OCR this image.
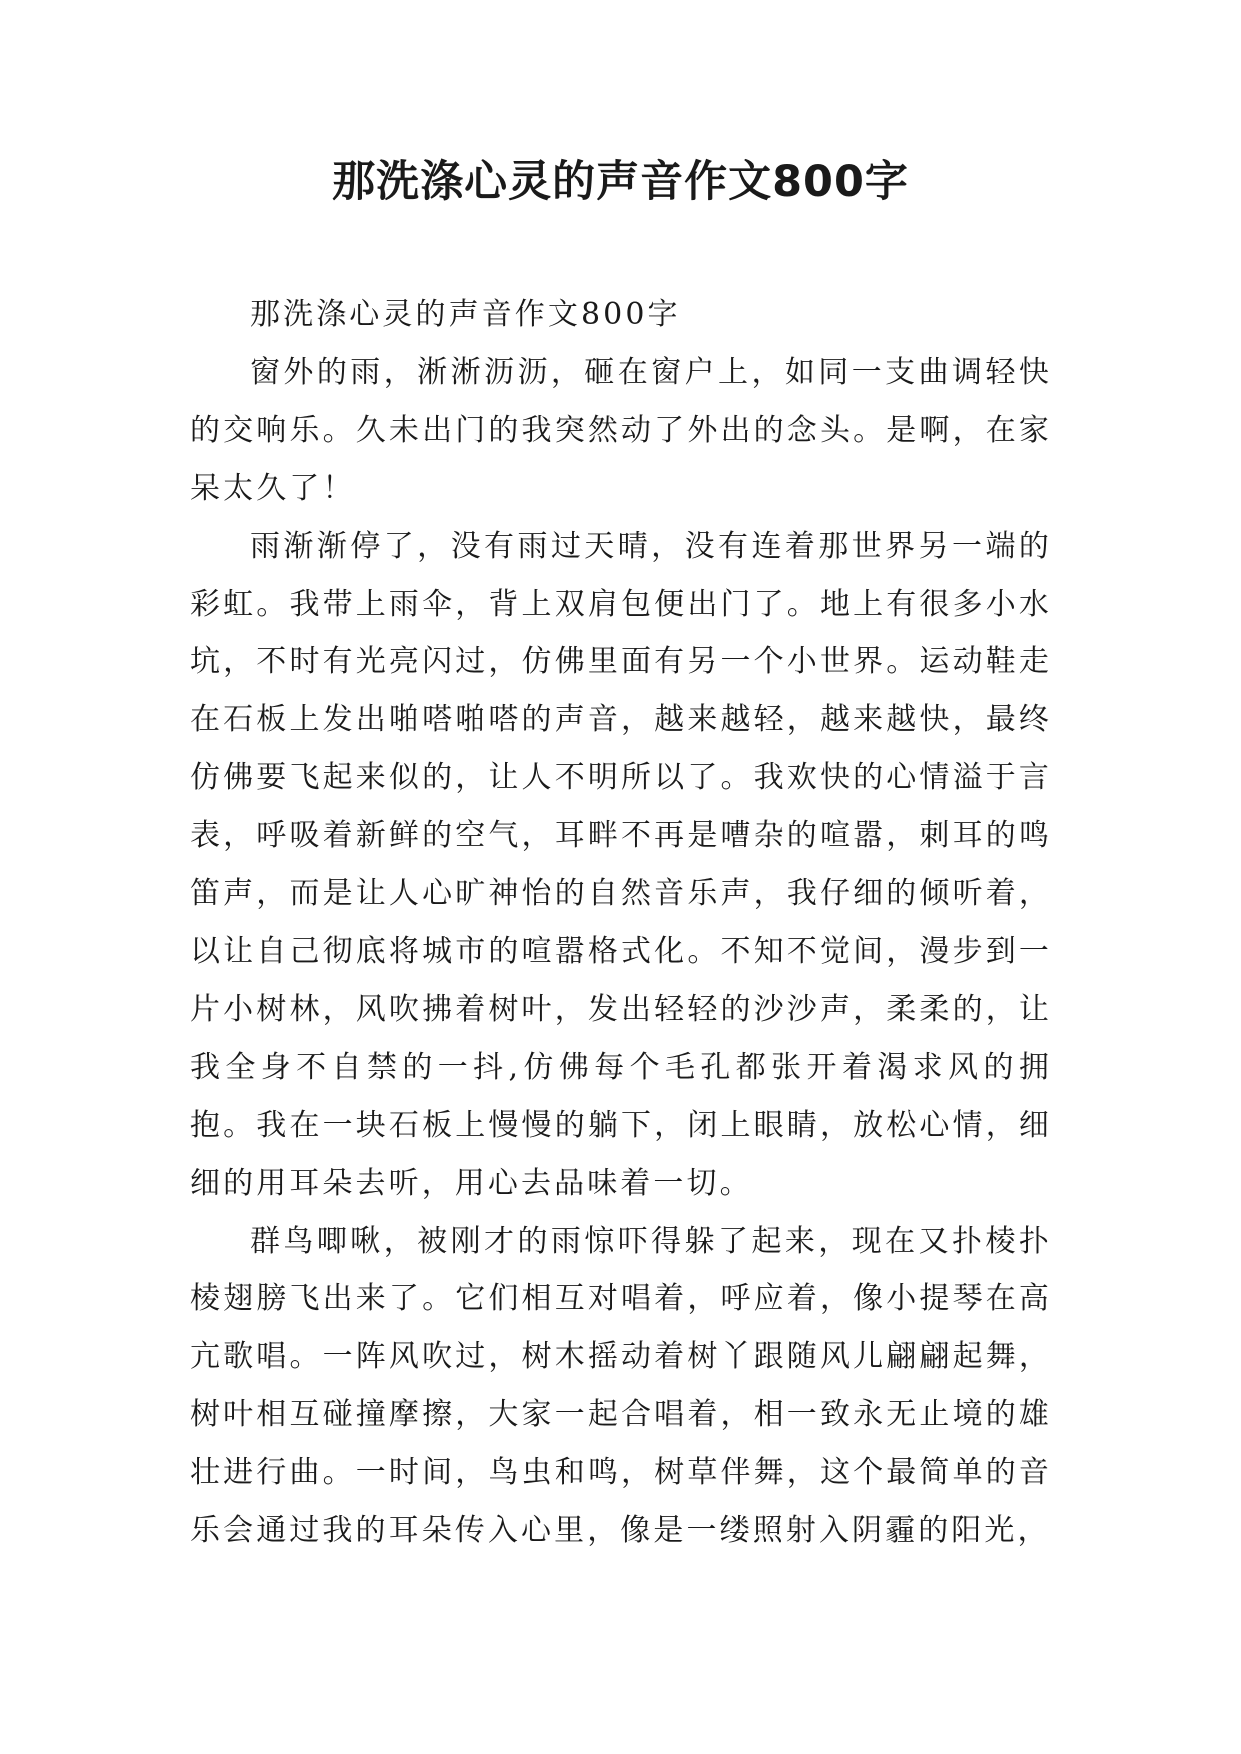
那洗涤心灵的声音作文800字

那洗涤心灵的声音作文800字

窗外的雨，淅淅沥沥，砸在窗户上，如同一支曲调轻快的交响乐。久未出门的我突然动了外出的念头。是啊，在家呆太久了！

雨渐渐停了，没有雨过天晴，没有连着那世界另一端的彩虹。我带上雨伞，背上双肩包便出门了。地上有很多小水坑，不时有光亮闪过，仿佛里面有另一个小世界。运动鞋走在石板上发出啪嗒啪嗒的声音，越来越轻，越来越快，最终仿佛要飞起来似的，让人不明所以了。我欢快的心情溢于言表，呼吸着新鲜的空气，耳畔不再是嘈杂的喧嚣，刺耳的鸣笛声，而是让人心旷神怡的自然音乐声，我仔细的倾听着，以让自己彻底将城市的喧嚣格式化。不知不觉间，漫步到一片小树林，风吹拂着树叶，发出轻轻的沙沙声，柔柔的，让我全身不自禁的一抖,仿佛每个毛孔都张开着渴求风的拥抱。我在一块石板上慢慢的躺下，闭上眼睛，放松心情，细细的用耳朵去听，用心去品味着一切。

群鸟唧啾，被刚才的雨惊吓得躲了起来，现在又扑棱扑棱翅膀飞出来了。它们相互对唱着，呼应着，像小提琴在高亢歌唱。一阵风吹过，树木摇动着树丫跟随风儿翩翩起舞，树叶相互碰撞摩擦，大家一起合唱着，相一致永无止境的雄壮进行曲。一时间，鸟虫和鸣，树草伴舞，这个最简单的音乐会通过我的耳朵传入心里，像是一缕照射入阴霾的阳光，
